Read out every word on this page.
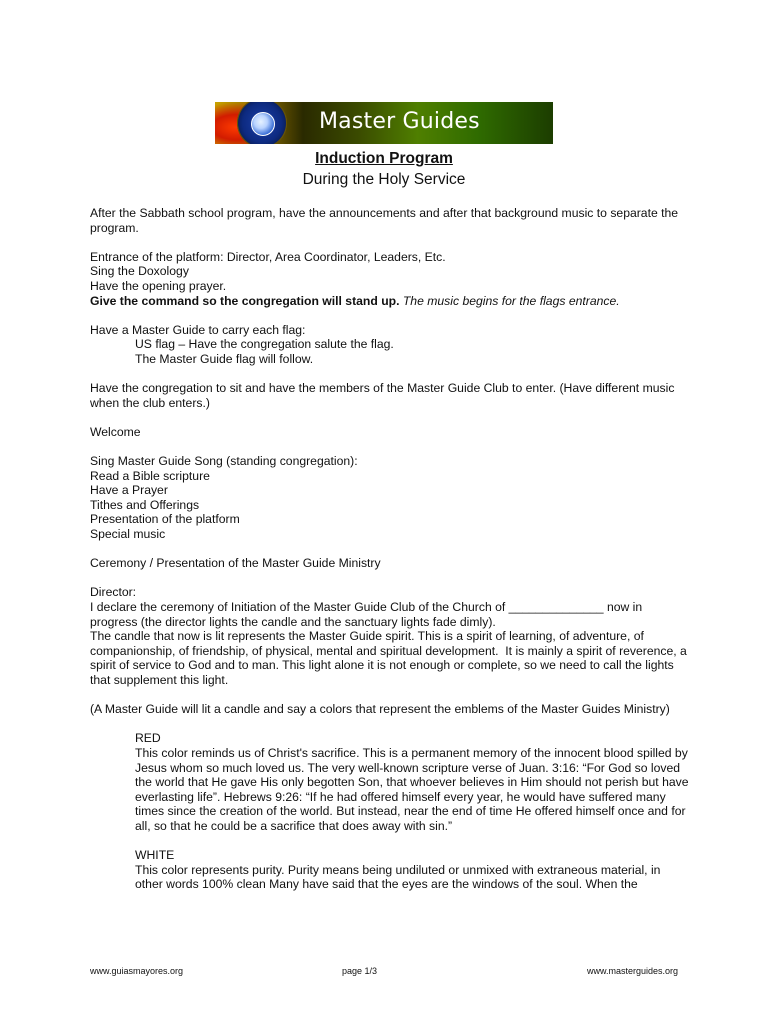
Master Guides
Induction Program
During the Holy Service

After the Sabbath school program, have the announcements and after that background music to separate the program.

Entrance of the platform: Director, Area Coordinator, Leaders, Etc.
Sing the Doxology
Have the opening prayer.
Give the command so the congregation will stand up. The music begins for the flags entrance.
Have a Master Guide to carry each flag:
US flag – Have the congregation salute the flag.
The Master Guide flag will follow.

Have the congregation to sit and have the members of the Master Guide Club to enter. (Have different music when the club enters.)

Welcome

Sing Master Guide Song (standing congregation):
Read a Bible scripture
Have a Prayer
Tithes and Offerings
Presentation of the platform
Special music

Ceremony / Presentation of the Master Guide Ministry

Director:
I declare the ceremony of Initiation of the Master Guide Club of the Church of ______________ now in progress (the director lights the candle and the sanctuary lights fade dimly).
The candle that now is lit represents the Master Guide spirit. This is a spirit of learning, of adventure, of companionship, of friendship, of physical, mental and spiritual development.  It is mainly a spirit of reverence, a spirit of service to God and to man. This light alone it is not enough or complete, so we need to call the lights that supplement this light.

(A Master Guide will lit a candle and say a colors that represent the emblems of the Master Guides Ministry)

RED
This color reminds us of Christ's sacrifice. This is a permanent memory of the innocent blood spilled by Jesus whom so much loved us. The very well-known scripture verse of Juan. 3:16: “For God so loved the world that He gave His only begotten Son, that whoever believes in Him should not perish but have everlasting life”. Hebrews 9:26: “If he had offered himself every year, he would have suffered many times since the creation of the world. But instead, near the end of time He offered himself once and for all, so that he could be a sacrifice that does away with sin.”
WHITE
This color represents purity. Purity means being undiluted or unmixed with extraneous material, in other words 100% clean Many have said that the eyes are the windows of the soul. When the
www.guiasmayores.org	page 1/3	www.masterguides.org
